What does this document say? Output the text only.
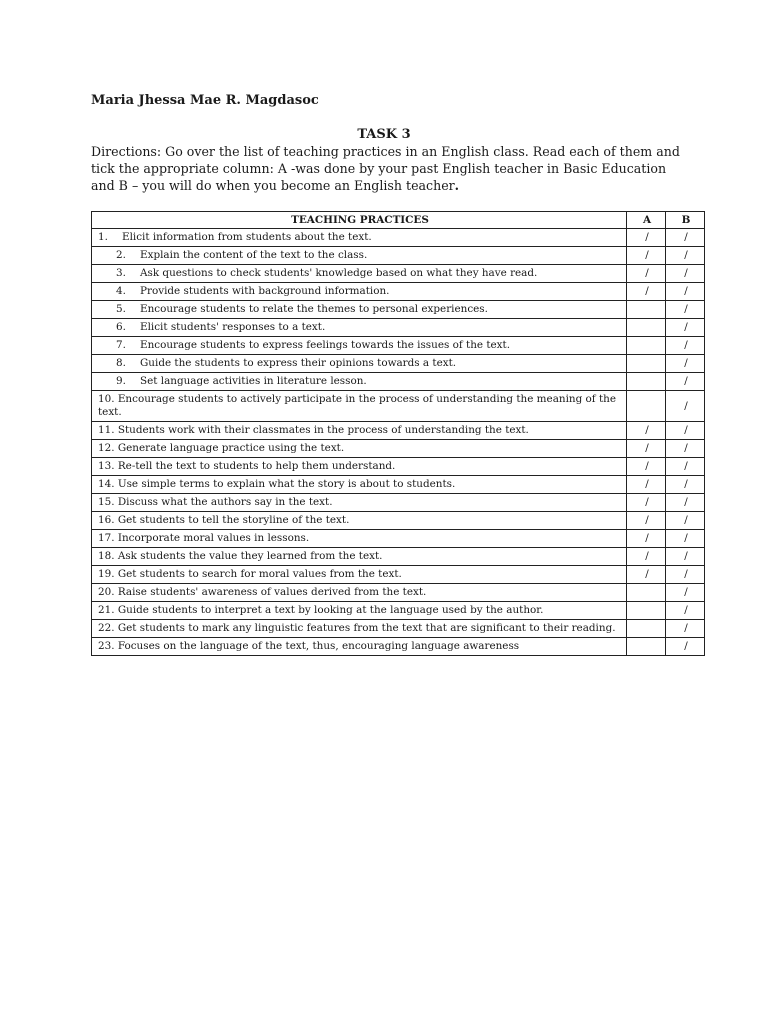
Maria Jhessa Mae R. Magdasoc
TASK 3
Directions: Go over the list of teaching practices in an English class. Read each of them and tick the appropriate column: A -was done by your past English teacher in Basic Education and B – you will do when you become an English teacher.
TEACHING PRACTICES	A	B
1. Elicit information from students about the text.	/	/
2. Explain the content of the text to the class.	/	/
3. Ask questions to check students' knowledge based on what they have read.	/	/
4. Provide students with background information.	/	/
5. Encourage students to relate the themes to personal experiences.		/
6. Elicit students' responses to a text.		/
7. Encourage students to express feelings towards the issues of the text.		/
8. Guide the students to express their opinions towards a text.		/
9. Set language activities in literature lesson.		/
10. Encourage students to actively participate in the process of understanding the meaning of the text.		/
11. Students work with their classmates in the process of understanding the text.	/	/
12. Generate language practice using the text.	/	/
13. Re-tell the text to students to help them understand.	/	/
14. Use simple terms to explain what the story is about to students.	/	/
15. Discuss what the authors say in the text.	/	/
16. Get students to tell the storyline of the text.	/	/
17. Incorporate moral values in lessons.	/	/
18. Ask students the value they learned from the text.	/	/
19. Get students to search for moral values from the text.	/	/
20. Raise students' awareness of values derived from the text.		/
21. Guide students to interpret a text by looking at the language used by the author.		/
22. Get students to mark any linguistic features from the text that are significant to their reading.		/
23. Focuses on the language of the text, thus, encouraging language awareness		/
